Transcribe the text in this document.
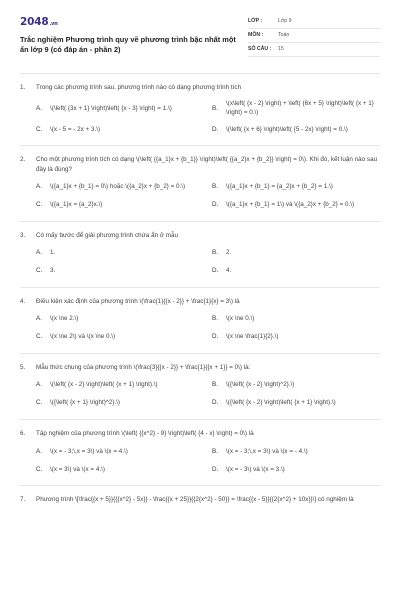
2048.vn
Trắc nghiệm Phương trình quy về phương trình bậc nhất một ẩn lớp 9 (có đáp án - phần 2)
LỚP :	Lớp 9
MÔN :	Toán
SỐ CÂU :	15
1.	Trong các phương trình sau, phương trình nào có dạng phương trình tích
A.	\(\left( {3x + 1} \right)\left( {x - 3} \right) = 1.\)	B.
\(x\left( {x - 2} \right) + \left( {6x + 5} \right)\left( {x + 1} \right) = 0.\)
C.	\(x - 5 = - 2x + 3.\)	D.	\(\left( {x + 6} \right)\left( {5 - 2x} \right) = 0.\)
2.	Cho một phương trình tích có dạng \(\left( {{a_1}x + {b_1}} \right)\left( {{a_2}x + {b_2}} \right) = 0\). Khi đó, kết luận nào sau đây là đúng?
A.	\({a_1}x + {b_1} = 0\) hoặc \({a_2}x + {b_2} = 0.\)	B.	\({a_1}x + {b_1} = {a_2}x + {b_2} = 1.\)
C.	\({a_1}x = {a_2}x.\)	D.	\({a_1}x + {b_1} = 1\) và \({a_2}x + {b_2} = 0.\)
3.	Có mấy bước để giải phương trình chứa ẩn ở mẫu
A.	1.	B.	2.
C.	3.	D.	4.
4.	Điều kiện xác định của phương trình \(\frac{1}{{x - 2}} + \frac{1}{x} = 3\) là
A.	\(x \ne 2.\)	B.	\(x \ne 0.\)
C.	\(x \ne 2\) và \(x \ne 0.\)	D.	\(x \ne \frac{1}{2}.\)
5.	Mẫu thức chung của phương trình \(\frac{3}{{x - 2}} + \frac{1}{{x + 1}} = 0\) là:
A.	\(\left( {x - 2} \right)\left( {x + 1} \right).\)	B.	\({\left( {x - 2} \right)^2}.\)
C.	\({\left( {x + 1} \right)^2}.\)	D.	\({\left( {x - 2} \right)\left( {x + 1} \right).\)
6.	Tập nghiệm của phương trình \(\left( {{x^2} - 9} \right)\left( {4 - x} \right) = 0\) là
A.	\(x = - 3;\,x = 3\) và \(x = 4.\)	B.	\(x = - 3;\,x = 3\) và \(x = - 4.\)
C.	\(x = 3\) và \(x = 4.\)	D.	\(x = - 3\) và \(x = 3.\)
7.	Phương trình \[\frac{{x + 5}}{{{x^2} - 5x}} - \frac{{x + 25}}{{2{x^2} - 50}} = \frac{{x - 5}}{{2{x^2} + 10x}}\] có nghiệm là
